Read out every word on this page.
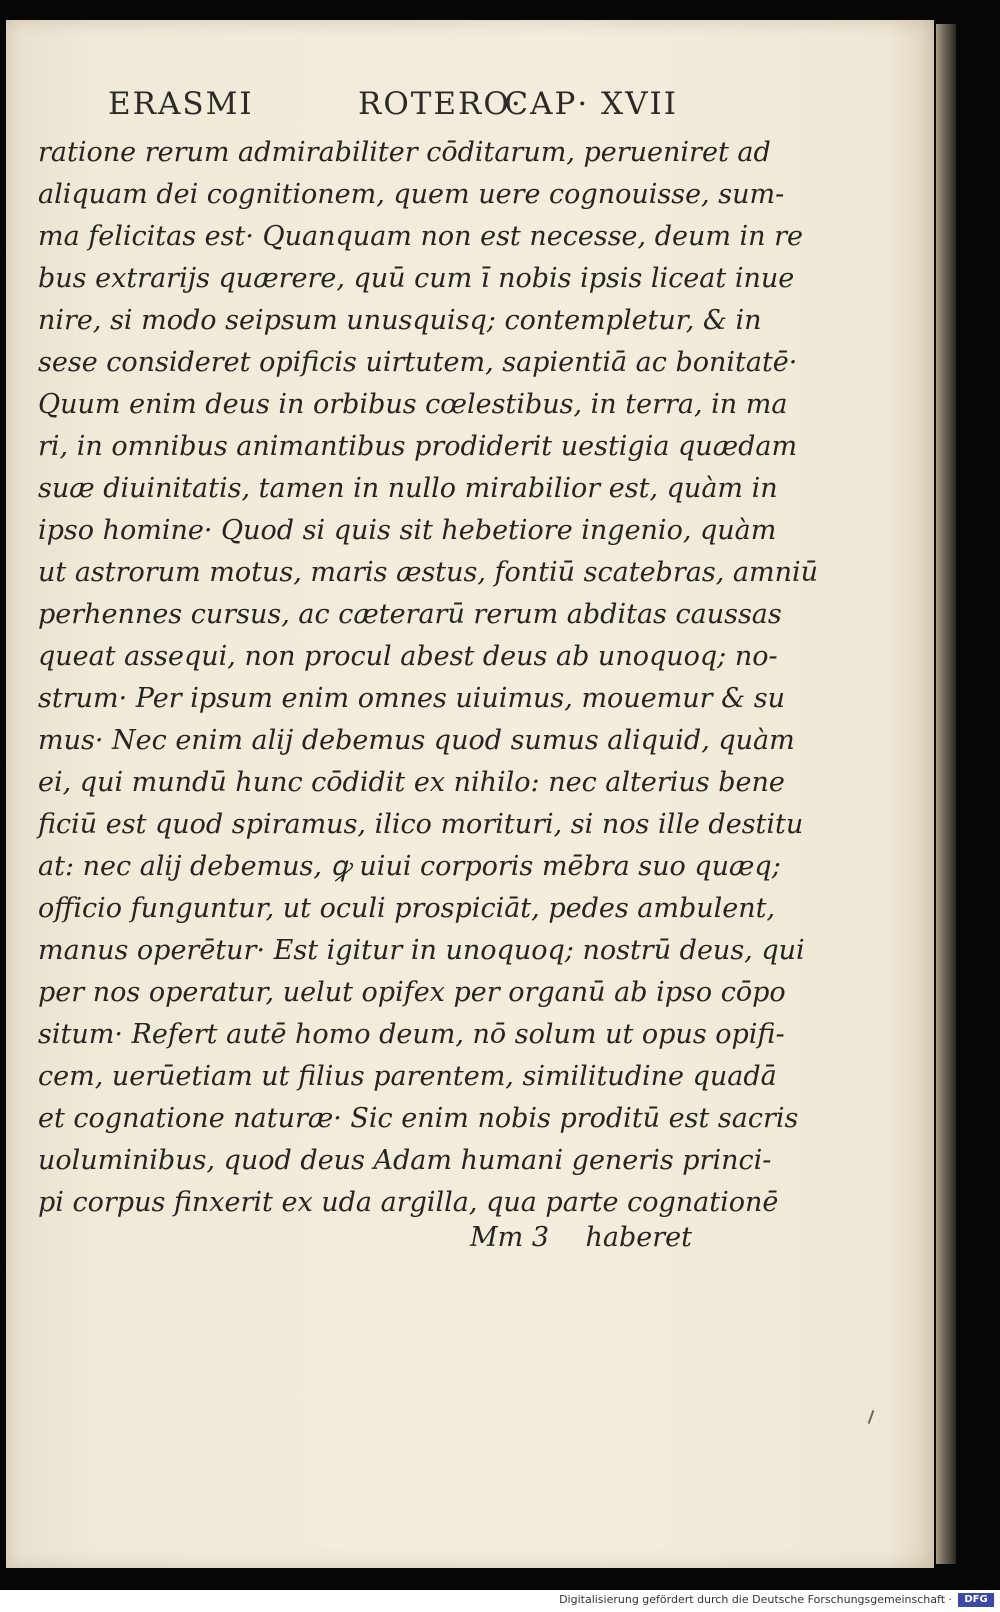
ERASMI	ROTERO·
CAP· XVII
ratione rerum admirabiliter cōditarum, perueniret ad
aliquam dei cognitionem, quem uere cognouisse, sum-
ma felicitas est· Quanquam non est necesse, deum in re
bus extrarijs quærere, quū cum ī nobis ipsis liceat inue
nire, si modo seipsum unusquisq; contempletur, & in
sese consideret opificis uirtutem, sapientiā ac bonitatē·
Quum enim deus in orbibus cœlestibus, in terra, in ma
ri, in omnibus animantibus prodiderit uestigia quædam
suæ diuinitatis, tamen in nullo mirabilior est, quàm in
ipso homine· Quod si quis sit hebetiore ingenio, quàm
ut astrorum motus, maris æstus, fontiū scatebras, amniū
perhennes cursus, ac cæterarū rerum abditas caussas
queat assequi, non procul abest deus ab unoquoq; no-
strum· Per ipsum enim omnes uiuimus, mouemur & su
mus· Nec enim alij debemus quod sumus aliquid, quàm
ei, qui mundū hunc cōdidit ex nihilo: nec alterius bene
ficiū est quod spiramus, ilico morituri, si nos ille destitu
at: nec alij debemus, ꝙ uiui corporis mēbra suo quæq;
officio funguntur, ut oculi prospiciāt, pedes ambulent,
manus operētur· Est igitur in unoquoq; nostrū deus, qui
per nos operatur, uelut opifex per organū ab ipso cōpo
situm· Refert autē homo deum, nō solum ut opus opifi-
cem, uerūetiam ut filius parentem, similitudine quadā
et cognatione naturæ· Sic enim nobis proditū est sacris
uoluminibus, quod deus Adam humani generis princi-
pi corpus finxerit ex uda argilla, qua parte cognationē
Mm 3 haberet
Digitalisierung gefördert durch die Deutsche Forschungsgemeinschaft ·	DFG
